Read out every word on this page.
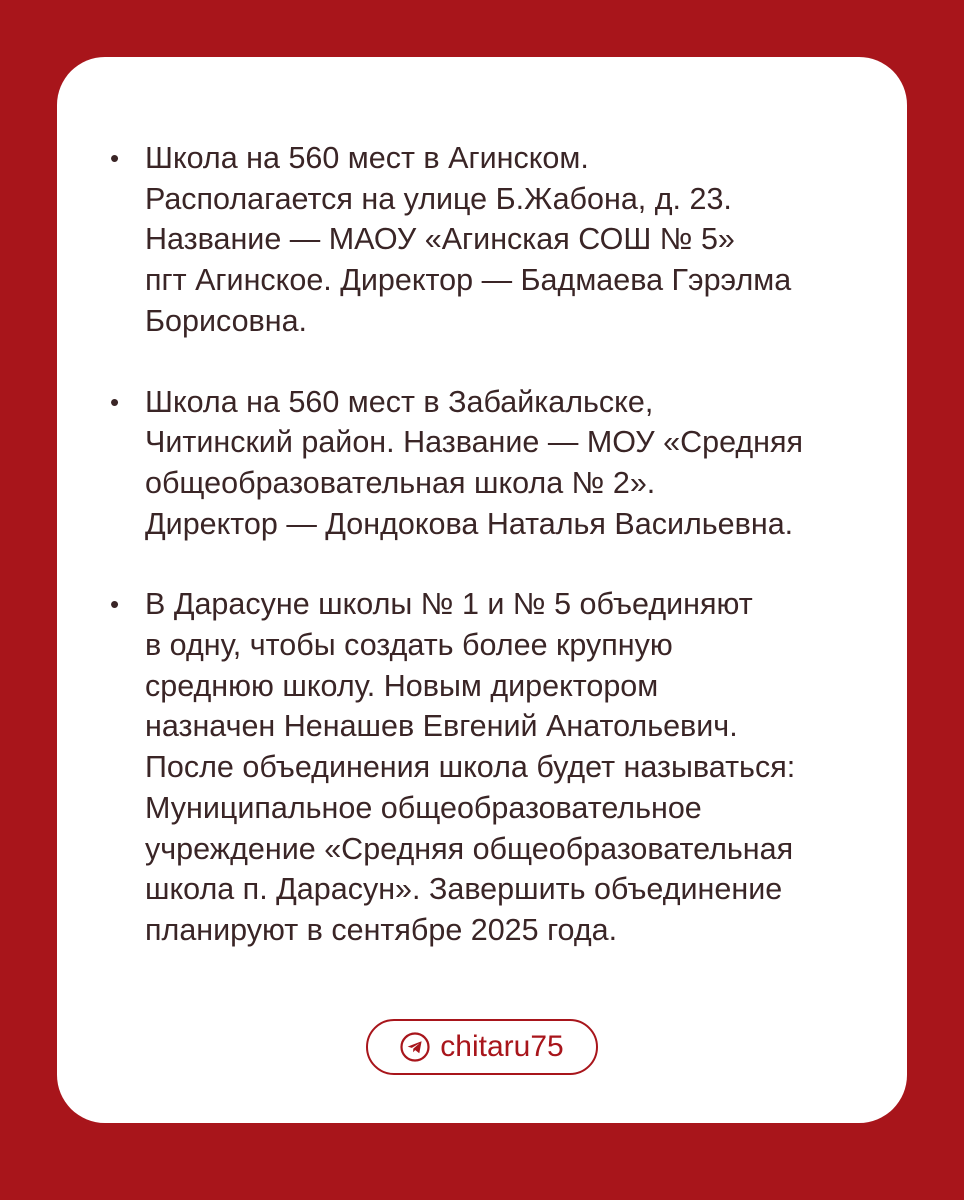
• Школа на 560 мест в Агинском.
Располагается на улице Б.Жабона, д. 23.
Название — МАОУ «Агинская СОШ № 5»
пгт Агинское. Директор — Бадмаева Гэрэлма
Борисовна.
• Школа на 560 мест в Забайкальске,
Читинский район. Название — МОУ «Средняя
общеобразовательная школа № 2».
Директор — Дондокова Наталья Васильевна.
• В Дарасуне школы № 1 и № 5 объединяют
в одну, чтобы создать более крупную
среднюю школу. Новым директором
назначен Ненашев Евгений Анатольевич.
После объединения школа будет называться:
Муниципальное общеобразовательное
учреждение «Средняя общеобразовательная
школа п. Дарасун». Завершить объединение
планируют в сентябре 2025 года.
chitaru75
